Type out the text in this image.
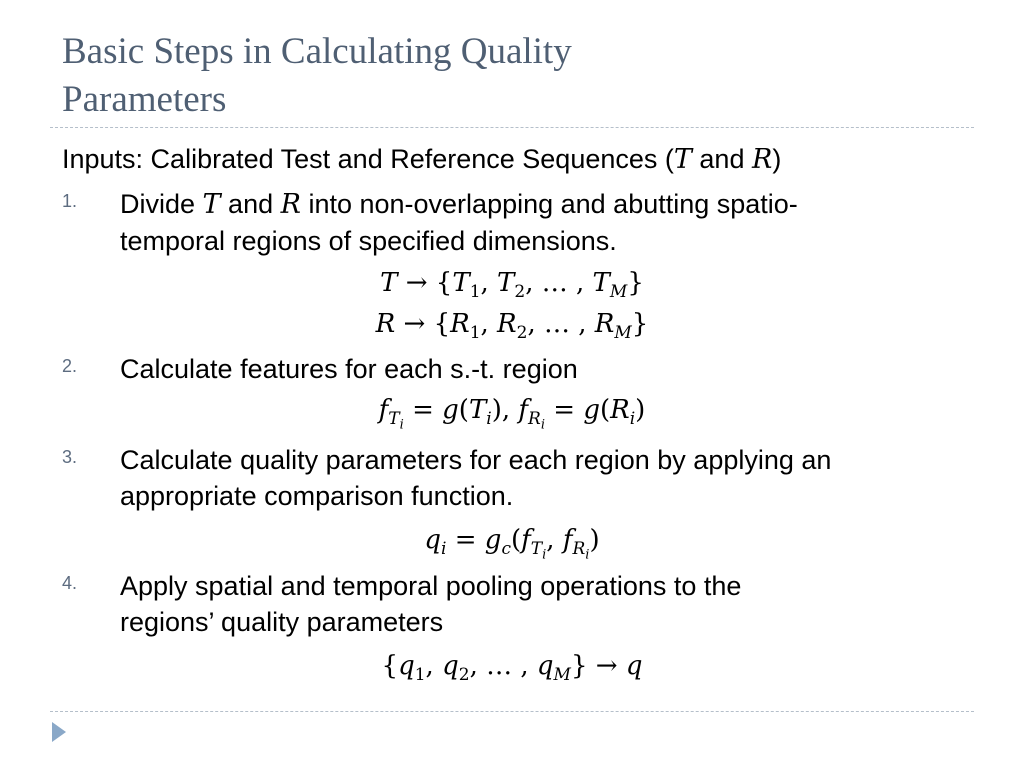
Basic Steps in Calculating Quality
Parameters
Inputs: Calibrated Test and Reference Sequences (T and R)
1. Divide T and R into non-overlapping and abutting spatio-
temporal regions of specified dimensions.
$T \to \{T_1$, $T_2$, … , $T_M$}
$R \to \{R_1$, $R_2$, … , $R_M$}
2. Calculate features for each s.-t. region
$f_{T_i} = g(T_i)$, $f_{R_i} = g(R_i)$
3. Calculate quality parameters for each region by applying an
appropriate comparison function.
$q_i = g_c(f_{T_i}$, $f_{R_i}$)
4. Apply spatial and temporal pooling operations to the
regions’ quality parameters
{$q_1$, $q_2$, … , $q_M\} \to q$
